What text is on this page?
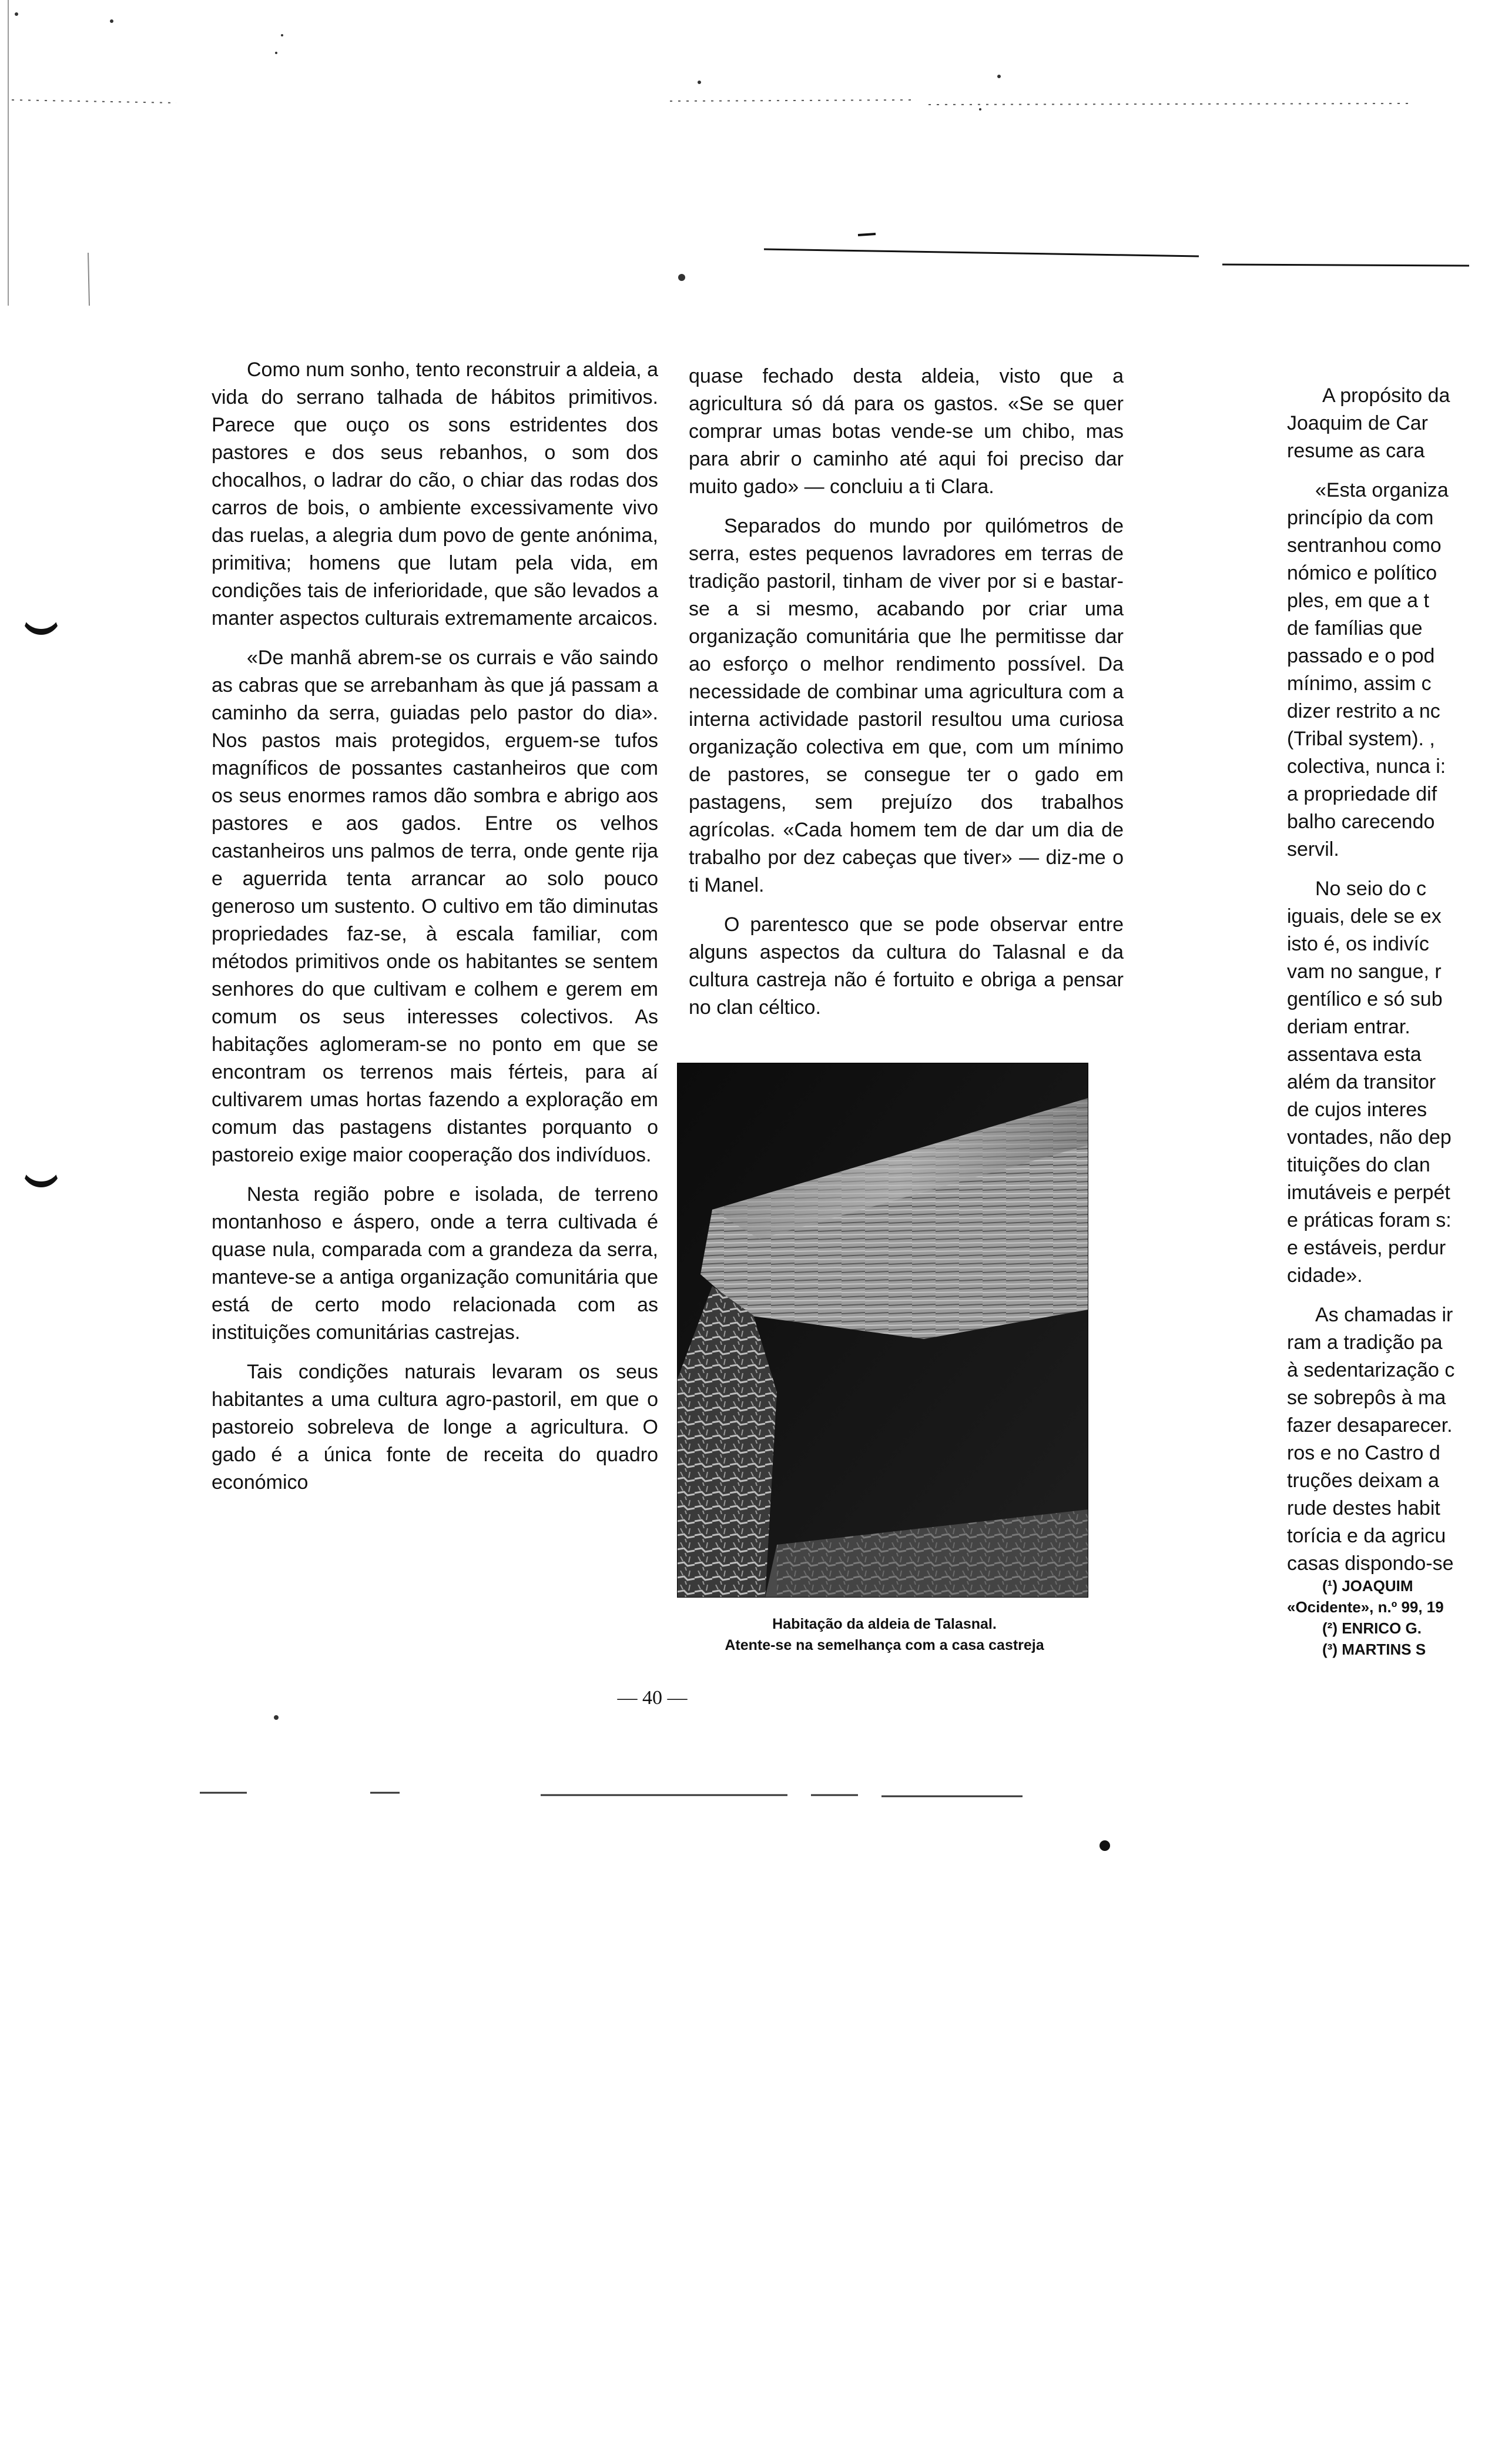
Como num sonho, tento reconstruir a aldeia, a vida do serrano talhada de hábitos primitivos. Parece que ouço os sons estridentes dos pastores e dos seus rebanhos, o som dos chocalhos, o ladrar do cão, o chiar das rodas dos carros de bois, o ambiente excessivamente vivo das ruelas, a alegria dum povo de gente anónima, primitiva; homens que lutam pela vida, em condições tais de inferioridade, que são levados a manter aspectos culturais extremamente arcaicos.

«De manhã abrem-se os currais e vão saindo as cabras que se arrebanham às que já passam a caminho da serra, guiadas pelo pastor do dia». Nos pastos mais protegidos, erguem-se tufos magníficos de possantes castanheiros que com os seus enormes ramos dão sombra e abrigo aos pastores e aos gados. Entre os velhos castanheiros uns palmos de terra, onde gente rija e aguerrida tenta arrancar ao solo pouco generoso um sustento. O cultivo em tão diminutas propriedades faz-se, à escala familiar, com métodos primitivos onde os habitantes se sentem senhores do que cultivam e colhem e gerem em comum os seus interesses colectivos. As habitações aglomeram-se no ponto em que se encontram os terrenos mais férteis, para aí cultivarem umas hortas fazendo a exploração em comum das pastagens distantes porquanto o pastoreio exige maior cooperação dos indivíduos.

Nesta região pobre e isolada, de terreno montanhoso e áspero, onde a terra cultivada é quase nula, comparada com a grandeza da serra, manteve-se a antiga organização comunitária que está de certo modo relacionada com as instituições comunitárias castrejas.

Tais condições naturais levaram os seus habitantes a uma cultura agro-pastoril, em que o pastoreio sobreleva de longe a agricultura. O gado é a única fonte de receita do quadro económico

quase fechado desta aldeia, visto que a agricultura só dá para os gastos. «Se se quer comprar umas botas vende-se um chibo, mas para abrir o caminho até aqui foi preciso dar muito gado» — concluiu a ti Clara.

Separados do mundo por quilómetros de serra, estes pequenos lavradores em terras de tradição pastoril, tinham de viver por si e bastar-se a si mesmo, acabando por criar uma organização comunitária que lhe permitisse dar ao esforço o melhor rendimento possível. Da necessidade de combinar uma agricultura com a interna actividade pastoril resultou uma curiosa organização colectiva em que, com um mínimo de pastores, se consegue ter o gado em pastagens, sem prejuízo dos trabalhos agrícolas. «Cada homem tem de dar um dia de trabalho por dez cabeças que tiver» — diz-me o ti Manel.

O parentesco que se pode observar entre alguns aspectos da cultura do Talasnal e da cultura castreja não é fortuito e obriga a pensar no clan céltico.

Habitação da aldeia de Talasnal.
Atente-se na semelhança com a casa castreja
A propósito da
Joaquim de Car
resume as cara
«Esta organiza
princípio da com
sentranhou como
nómico e político
ples, em que a t
de famílias que
passado e o pod
mínimo, assim c
dizer restrito a nc
(Tribal system). ,
colectiva, nunca i:
a propriedade dif
balho carecendo
servil.
No seio do c
iguais, dele se ex
isto é, os indivíc
vam no sangue, r
gentílico e só sub
deriam entrar.
assentava esta
além da transitor
de cujos interes
vontades, não dep
tituições do clan
imutáveis e perpét
e práticas foram s:
e estáveis, perdur
cidade».
As chamadas ir
ram a tradição pa
à sedentarização c
se sobrepôs à ma
fazer desaparecer.
ros e no Castro d
truções deixam a
rude destes habit
torícia e da agricu
casas dispondo-se
(¹) JOAQUIM
«Ocidente», n.º 99, 19
(²) ENRICO G.
(³) MARTINS S
— 40 —
